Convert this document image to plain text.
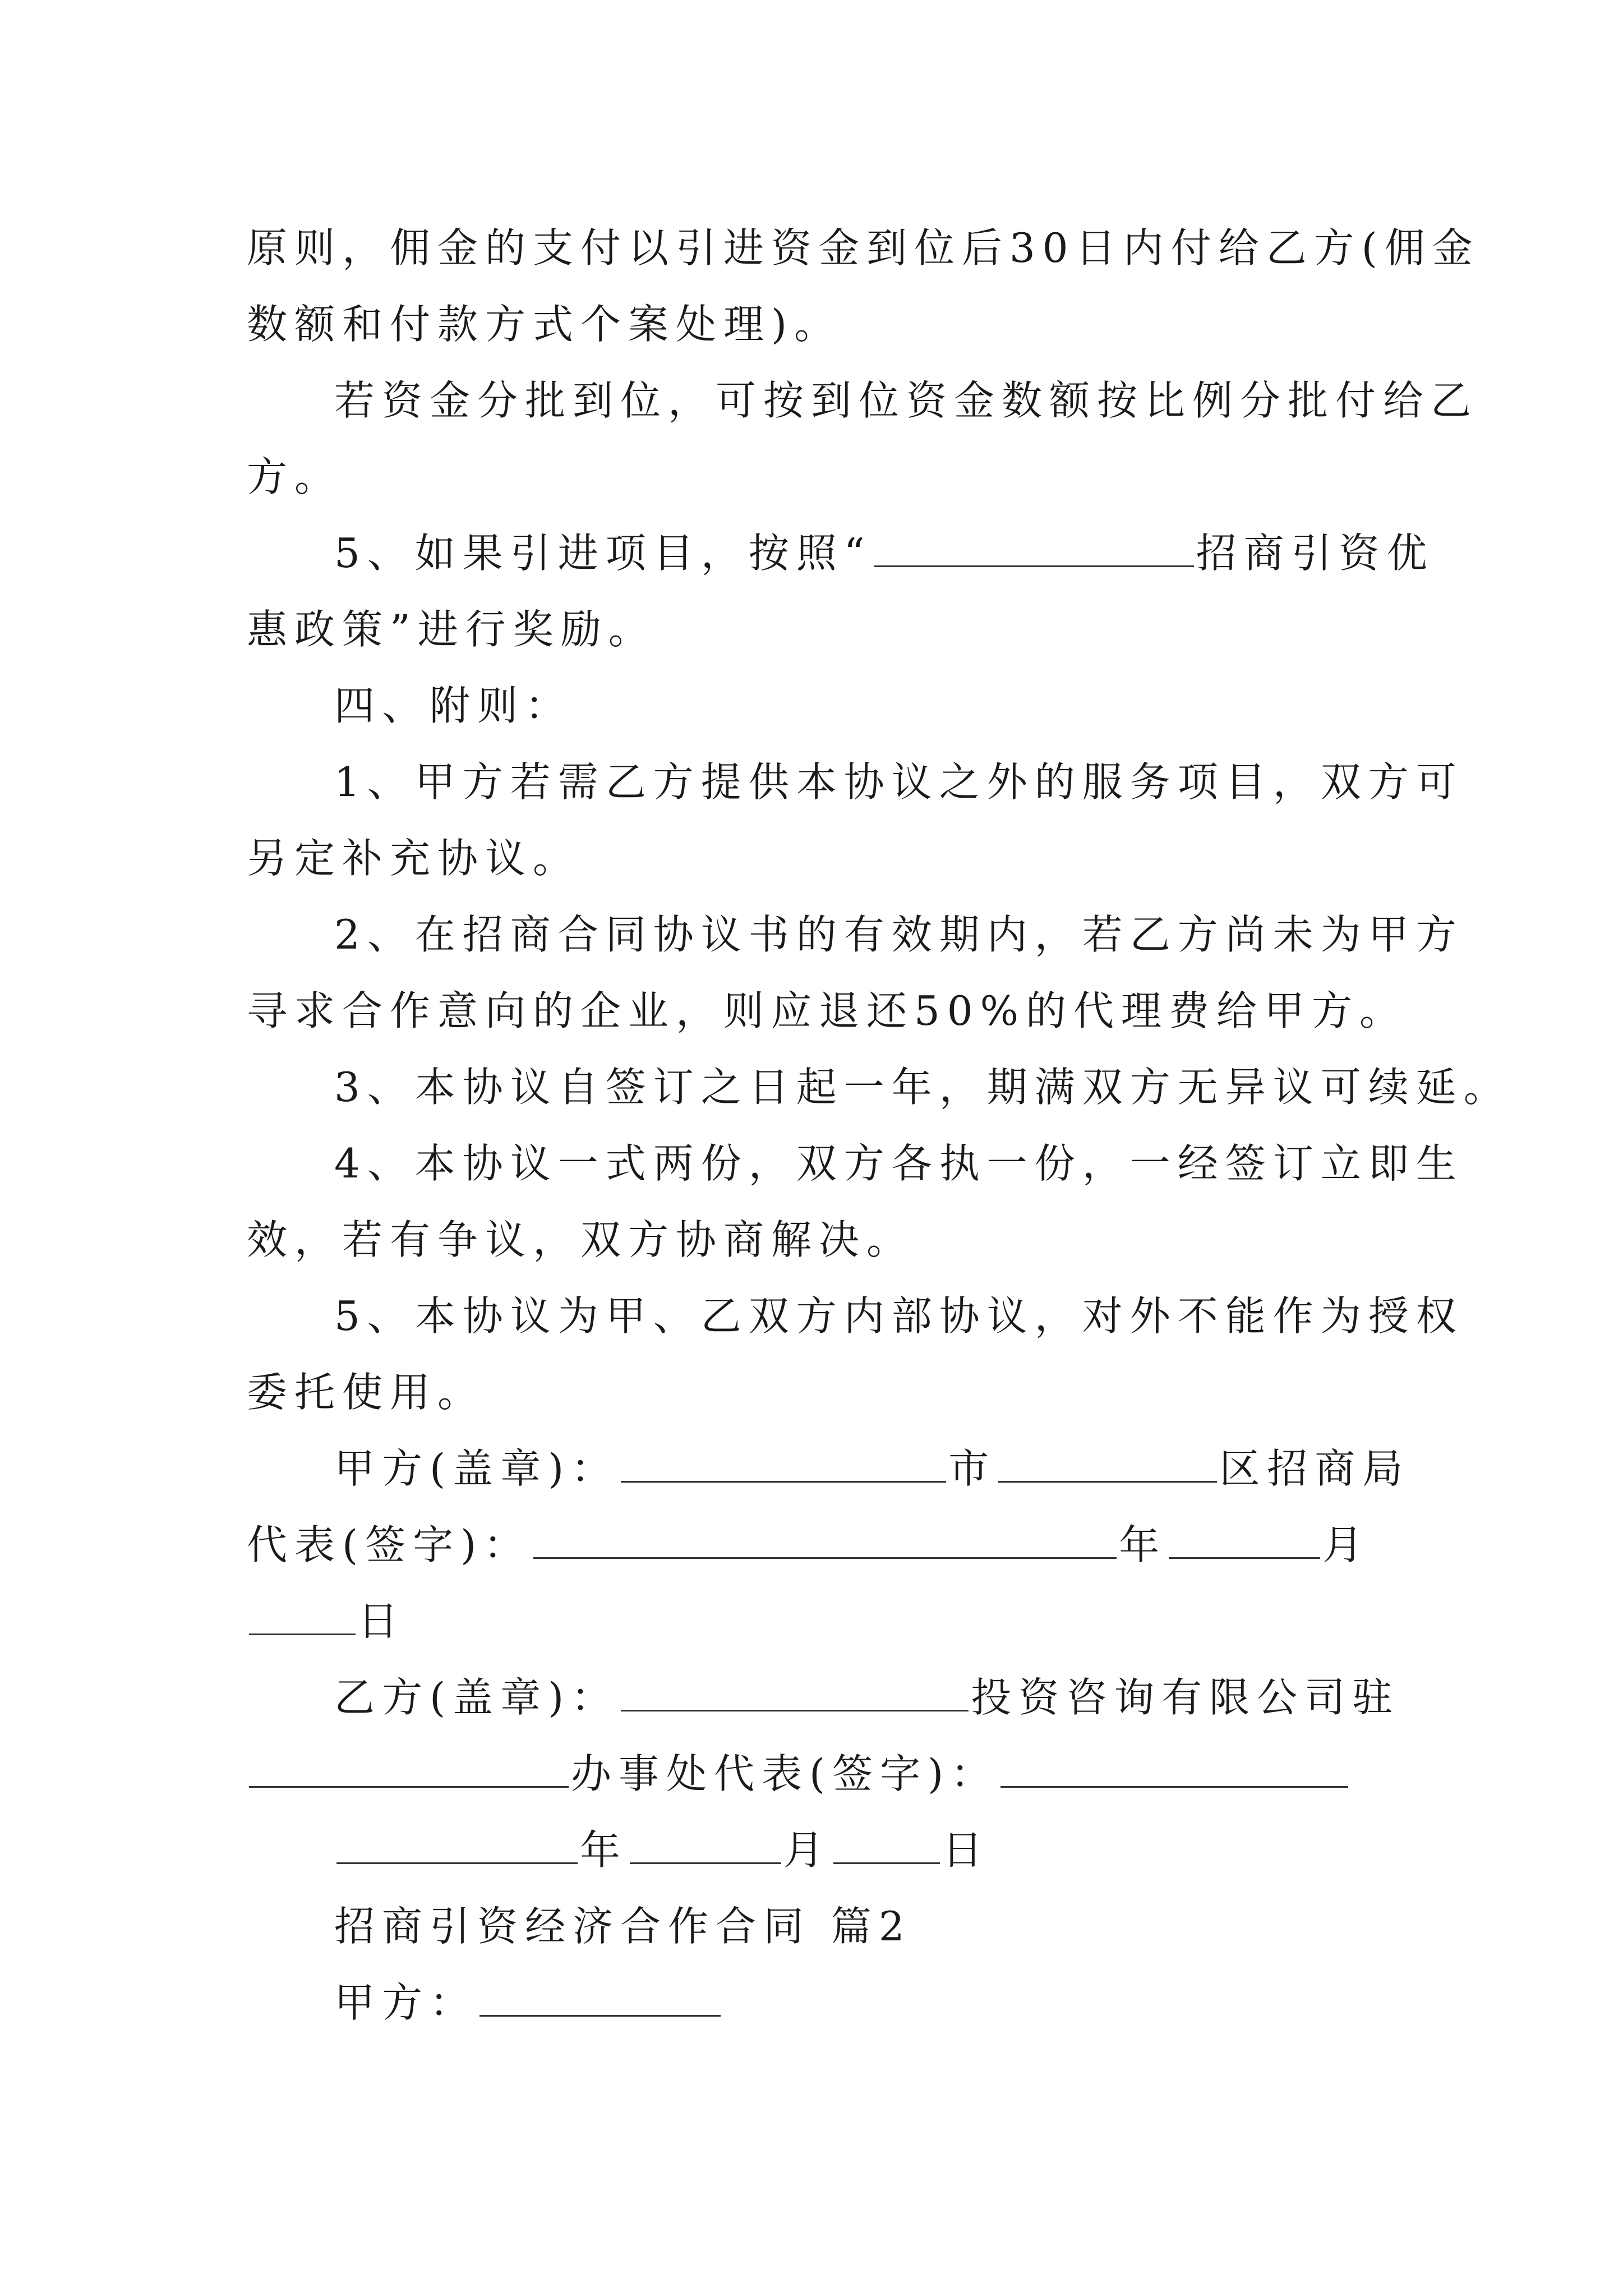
原则，佣金的支付以引进资金到位后30日内付给乙方(佣金
数额和付款方式个案处理)。
若资金分批到位，可按到位资金数额按比例分批付给乙
方。
5、如果引进项目，按照“	招商引资优
惠政策”进行奖励。
四、附则：
1、甲方若需乙方提供本协议之外的服务项目，双方可
另定补充协议。
2、在招商合同协议书的有效期内，若乙方尚未为甲方
寻求合作意向的企业，则应退还50%的代理费给甲方。
3、本协议自签订之日起一年，期满双方无异议可续延。
4、本协议一式两份，双方各执一份，一经签订立即生
效，若有争议，双方协商解决。
5、本协议为甲、乙双方内部协议，对外不能作为授权
委托使用。
甲方(盖章)：	市	区招商局
代表(签字)：	年	月
日
乙方(盖章)：	投资咨询有限公司驻
办事处代表(签字)：
年	月	日
招商引资经济合作合同 篇2
甲方：
